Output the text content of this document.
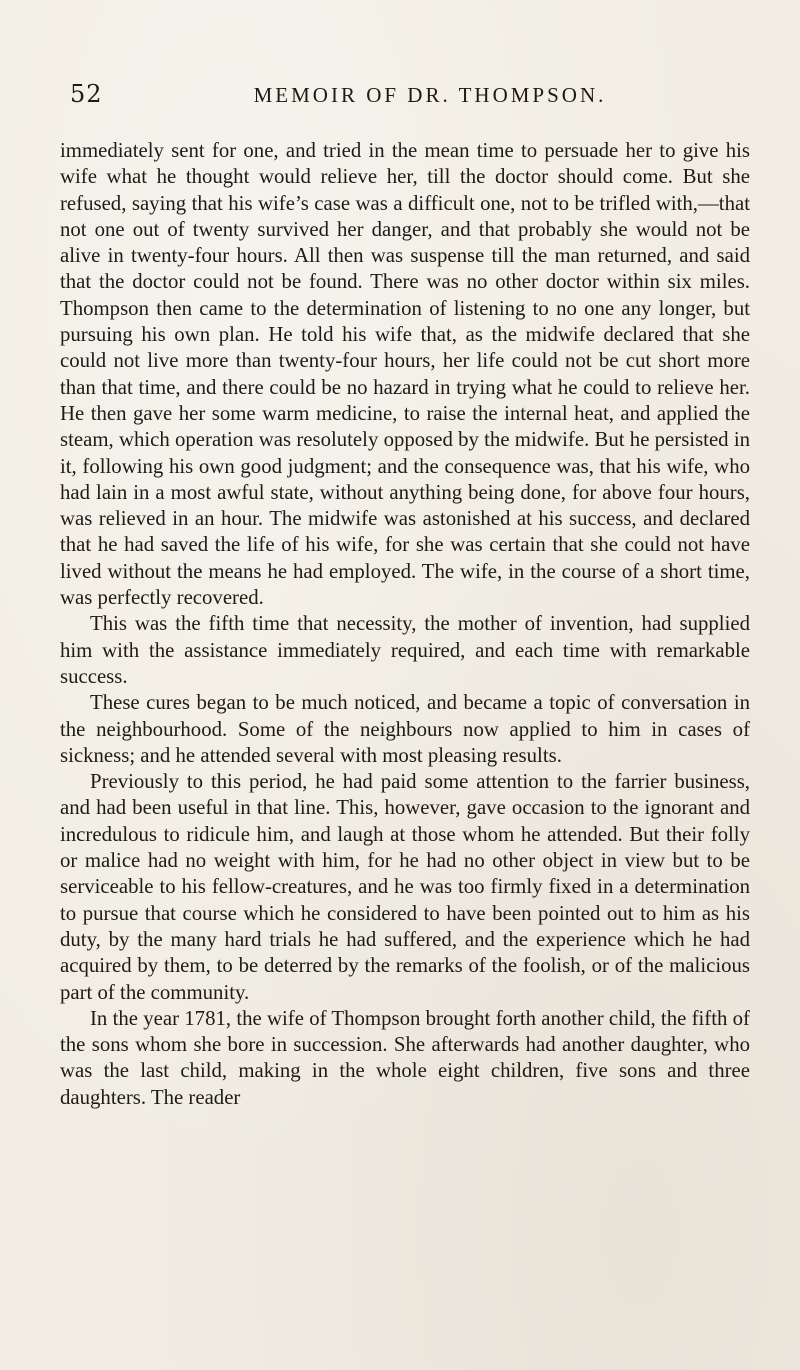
52	MEMOIR OF DR. THOMPSON.

immediately sent for one, and tried in the mean time to persuade her to give his wife what he thought would relieve her, till the doctor should come. But she refused, saying that his wife’s case was a difficult one, not to be trifled with,—that not one out of twenty survived her danger, and that probably she would not be alive in twenty-four hours. All then was suspense till the man returned, and said that the doctor could not be found. There was no other doctor within six miles. Thompson then came to the determination of listening to no one any longer, but pursuing his own plan. He told his wife that, as the midwife declared that she could not live more than twenty-four hours, her life could not be cut short more than that time, and there could be no hazard in trying what he could to relieve her. He then gave her some warm medicine, to raise the internal heat, and applied the steam, which operation was resolutely opposed by the midwife. But he persisted in it, following his own good judgment; and the consequence was, that his wife, who had lain in a most awful state, without anything being done, for above four hours, was relieved in an hour. The midwife was astonished at his success, and declared that he had saved the life of his wife, for she was certain that she could not have lived without the means he had employed. The wife, in the course of a short time, was perfectly recovered.

This was the fifth time that necessity, the mother of invention, had supplied him with the assistance immediately required, and each time with remarkable success.

These cures began to be much noticed, and became a topic of conversation in the neighbourhood. Some of the neighbours now applied to him in cases of sickness; and he attended several with most pleasing results.

Previously to this period, he had paid some attention to the farrier business, and had been useful in that line. This, however, gave occasion to the ignorant and incredulous to ridicule him, and laugh at those whom he attended. But their folly or malice had no weight with him, for he had no other object in view but to be serviceable to his fellow-creatures, and he was too firmly fixed in a determination to pursue that course which he considered to have been pointed out to him as his duty, by the many hard trials he had suffered, and the experience which he had acquired by them, to be deterred by the remarks of the foolish, or of the malicious part of the community.

In the year 1781, the wife of Thompson brought forth another child, the fifth of the sons whom she bore in succession. She afterwards had another daughter, who was the last child, making in the whole eight children, five sons and three daughters. The reader
